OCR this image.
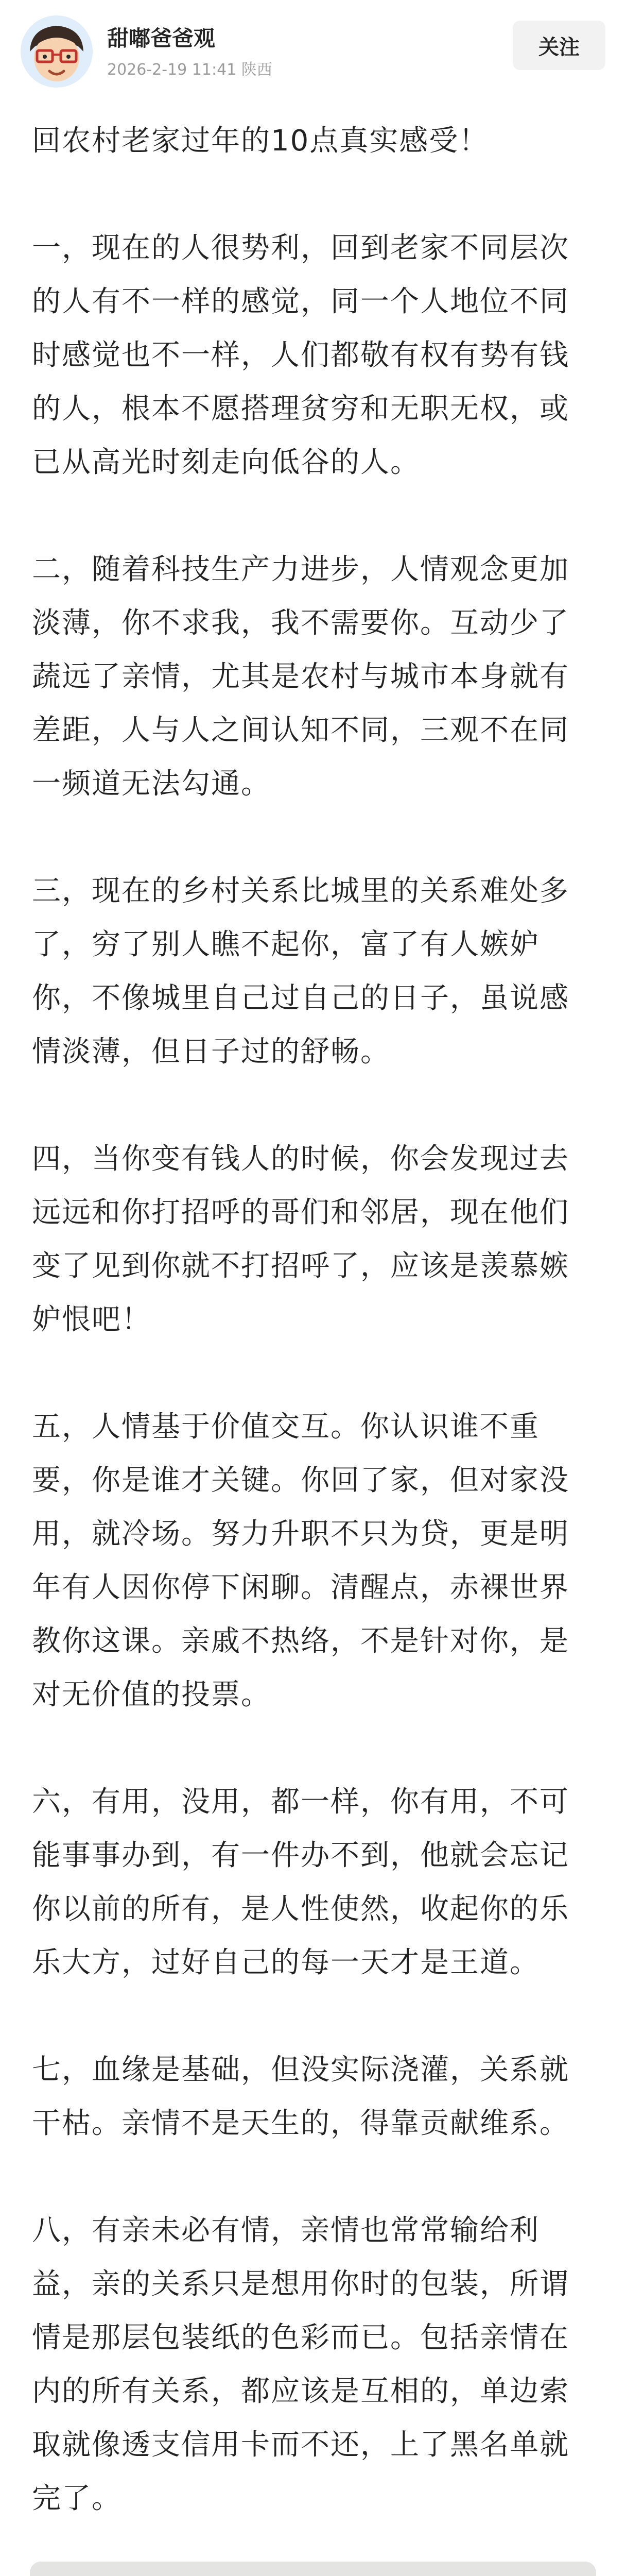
甜嘟爸爸观
2026-2-19 11:41 陕西
关注

回农村老家过年的10点真实感受！

一，现在的人很势利，回到老家不同层次的人有不一样的感觉，同一个人地位不同时感觉也不一样，人们都敬有权有势有钱的人，根本不愿搭理贫穷和无职无权，或已从高光时刻走向低谷的人。

二，随着科技生产力进步，人情观念更加淡薄，你不求我，我不需要你。互动少了蔬远了亲情，尤其是农村与城市本身就有差距，人与人之间认知不同，三观不在同一频道无法勾通。

三，现在的乡村关系比城里的关系难处多了，穷了别人瞧不起你，富了有人嫉妒你，不像城里自己过自己的日子，虽说感情淡薄，但日子过的舒畅。

四，当你变有钱人的时候，你会发现过去远远和你打招呼的哥们和邻居，现在他们变了见到你就不打招呼了，应该是羡慕嫉妒恨吧！

五，人情基于价值交互。你认识谁不重要，你是谁才关键。你回了家，但对家没用，就冷场。努力升职不只为贷，更是明年有人因你停下闲聊。清醒点，赤裸世界教你这课。亲戚不热络，不是针对你，是对无价值的投票。

六，有用，没用，都一样，你有用，不可能事事办到，有一件办不到，他就会忘记你以前的所有，是人性使然，收起你的乐乐大方，过好自己的每一天才是王道。

七，血缘是基础，但没实际浇灌，关系就干枯。亲情不是天生的，得靠贡献维系。

八，有亲未必有情，亲情也常常输给利益，亲的关系只是想用你时的包装，所谓情是那层包装纸的色彩而已。包括亲情在内的所有关系，都应该是互相的，单边索取就像透支信用卡而不还，上了黑名单就完了。
